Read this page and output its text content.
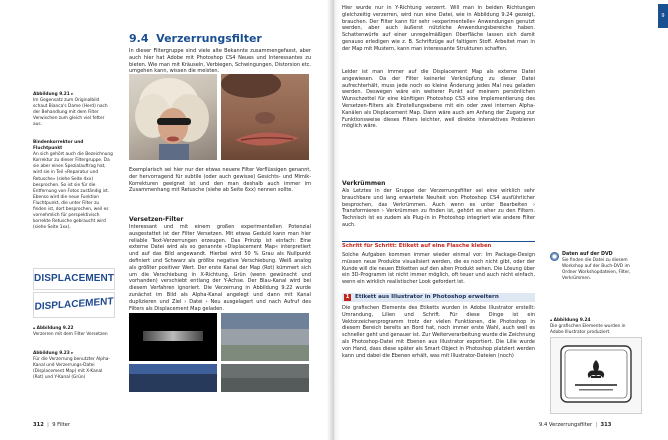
9.4 Verzerrungsfilter
In dieser Filtergruppe sind viele alte Bekannte zusammengefasst, aber auch hier hat Adobe mit Photoshop CS4 Neues und Interessantes zu bieten. Wie man mit Kräuseln, Verbiegen, Schwingungen, Distorsion etc. umgehen kann, wissen die meisten.
Abbildung 9.21 ▸
Im Gegensatz zum Originalbild schaut Bianca's Dame (Herd) nach der Behandlung mit dem Filter Verwischen zum gleich viel fetter aus.
Bindenkorrektor und Fluchtpunkt
An sich gehört auch die Bezeichnung Korrektur zu dieser Filtergruppe. Da sie aber einen Spezialauftrag hat, wird sie in Teil «Reparatur und Retusche» (siehe Seite 4xx) besprochen. So ist sie für die Entfernung von Fotos zuständig ist. Ebenso wird die neue Funktion Fluchtpunkt, die unter Filter zu finden ist, dort besprochen, weil es vornehmlich für perspektivisch korrekte Retusche gebraucht wird (siehe Seite 1xx).
Exemplarisch sei hier nur der etwas neuere Filter Verflüssigen genannt, der hervorragend für subtile (oder auch gewisse) Gesichts- und Mimik-Korrekturen geeignet ist und den man deshalb auch immer im Zusammenhang mit Retusche (siehe ab Seite 6xx) nennen sollte.
Versetzen-Filter
Interessant und mit einem großen experimentellen Potenzial ausgestattet ist der Filter Versetzen. Mit etwas Geduld kann man hier reliable Text-Verzerrungen erzeugen. Das Prinzip ist einfach: Eine externe Datei wird als so genannte »Displacement Map« interpretiert und auf das Bild angewandt. Hierbei wird 50 % Grau als Nullpunkt definiert und Schwarz als größte negative Verschiebung. Weiß analog als größter positiver Wert. Der erste Kanal der Map (Rot) kümmert sich um die Verschiebung in X-Richtung, Grün (wenn gewünscht und vorhanden) verschiebt entlang der Y-Achse. Der Blau-Kanal wird bei diesem Verfahren ignoriert. Die Verzerrung in Abbildung 9.22 wurde zunächst im Bild als Alpha-Kanal angelegt und dann mit Kanal duplizieren und Ziel › Datei › Neu ausgelagert und nach Aufruf des Filters als Displacement Map geladen.
DISPLACEMENT
DISPLACEMENT
▴ Abbildung 9.22
Verzerren mit dem Filter Versetzen
Abbildung 9.23 ▸
Für die Verzerrung benutzter Alpha-Kanal und Verzerrungs-Datei (Displacement Map) mit X-Kanal (Rot) und Y-Kanal (Grün)
312  |  9 Filter
9
Hier wurde nur in Y-Richtung verzerrt. Will man in beiden Richtungen gleichzeitig verzerren, wird nun eine Datei, wie in Abbildung 9.24 gezeigt, brauchen. Der Filter kann für sehr »experimentelle« Anwendungen genutzt werden, aber auch äußerst nützliche Anwendungsbereiche haben. Schattenwürfe auf einer unregelmäßigen Oberfläche lassen sich damit genauso erledigen wie z. B. Schriftzüge auf faltigem Stoff. Arbeitet man in der Map mit Mustern, kann man interessante Strukturen schaffen.
Leider ist man immer auf die Displacement Map als externe Datei angewiesen. Da der Filter keinerlei Verknüpfung zu dieser Datei aufrechterhält, muss jede noch so kleine Änderung jedes Mal neu geladen werden. Deswegen wäre ein weiterer Punkt auf meinem persönlichen Wunschzettel für eine künftigen Photoshop CS3 eine Implementierung des Versetzen-Filters als Einstellungsebene mit ein oder zwei internen Alpha-Kanälen als Displacement Map. Dann wäre auch am Anfang der Zugang zur Funktionsweise dieses Filters leichter, weil direkte interaktives Probieren möglich wäre.
Verkrümmen
Als Letztes in der Gruppe der Verzerrungsfilter sei eine wirklich sehr brauchbare und lang erwartete Neuheit von Photoshop CS4 ausführlicher besprochen, das Verkrümmen. Auch wenn es unter Bearbeiten › Transformieren › Verkrümmen zu finden ist, gehört es eher zu den Filtern. Technisch ist es zudem als Plug-in in Photoshop integriert wie andere Filter auch.
Schritt für Schritt: Etikett auf eine Flasche kleben
Solche Aufgaben kommen immer wieder einmal vor: Im Package-Design müssen neue Produkte visualisiert werden, die es noch nicht gibt, oder der Kunde will die neuen Etiketten auf den alten Produkt sehen. Die Lösung über ein 3D-Programm ist nicht immer möglich, oft teuer und auch nicht einfach, wenn ein wirklich realistischer Look gefordert ist.
1 Etikett aus Illustrator in Photoshop erweitern
Die grafischen Elemente des Etiketts wurden in Adobe Illustrator erstellt: Umrandung, Lilien und Schrift. Für diese Dinge ist ein Vektorzeichenprogramm trotz der vielen Funktionen, die Photoshop in diesem Bereich bereits an Bord hat, noch immer erste Wahl, auch weil es schneller geht und genauer ist. Zur Weiterverarbeitung wurde die Zeichnung als Photoshop-Datei mit Ebenen aus Illustrator exportiert. Die Lilie wurde von Hand, dass diese später als Smart Object in Photoshop platziert werden kann und dabei die Ebenen erhält, was mit Illustrator-Dateien (noch)
Daten auf der DVD
Sie finden die Datei zu diesem Workshop auf der Buch-DVD im Ordner Workshopdateien, Filter, Verkrümmen.
▴ Abbildung 9.24
Die grafischen Elemente wurden in Adobe Illustrator produziert.
9.4 Verzerrungsfilter  |  313
